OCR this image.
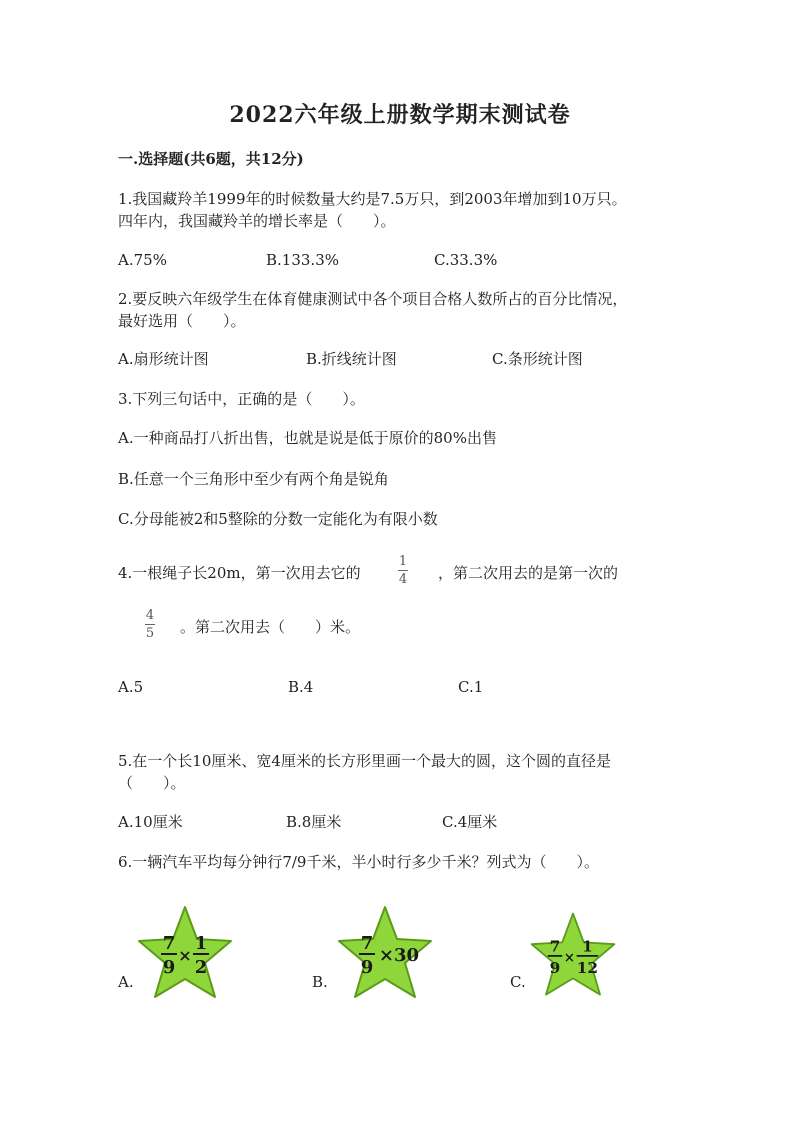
2022六年级上册数学期末测试卷
一.选择题(共6题，共12分)
1.我国藏羚羊1999年的时候数量大约是7.5万只，到2003年增加到10万只。
四年内，我国藏羚羊的增长率是（　　）。
A.75%	B.133.3%	C.33.3%
2.要反映六年级学生在体育健康测试中各个项目合格人数所占的百分比情况，
最好选用（　　）。
A.扇形统计图	B.折线统计图	C.条形统计图
3.下列三句话中，正确的是（　　）。
A.一种商品打八折出售，也就是说是低于原价的80%出售
B.任意一个三角形中至少有两个角是锐角
C.分母能被2和5整除的分数一定能化为有限小数
4.一根绳子长20m，第一次用去它的
1
4 ，第二次用去的是第一次的
4
5 。第二次用去（　　）米。
A.5	B.4	C.1
5.在一个长10厘米、宽4厘米的长方形里画一个最大的圆，这个圆的直径是
（　　）。
A.10厘米	B.8厘米	C.4厘米
6.一辆汽车平均每分钟行7/9千米，半小时行多少千米？列式为（　　）。
A.	B.	C.
7
9
×
1
2
7
9
×30	7
9
×
1
12
